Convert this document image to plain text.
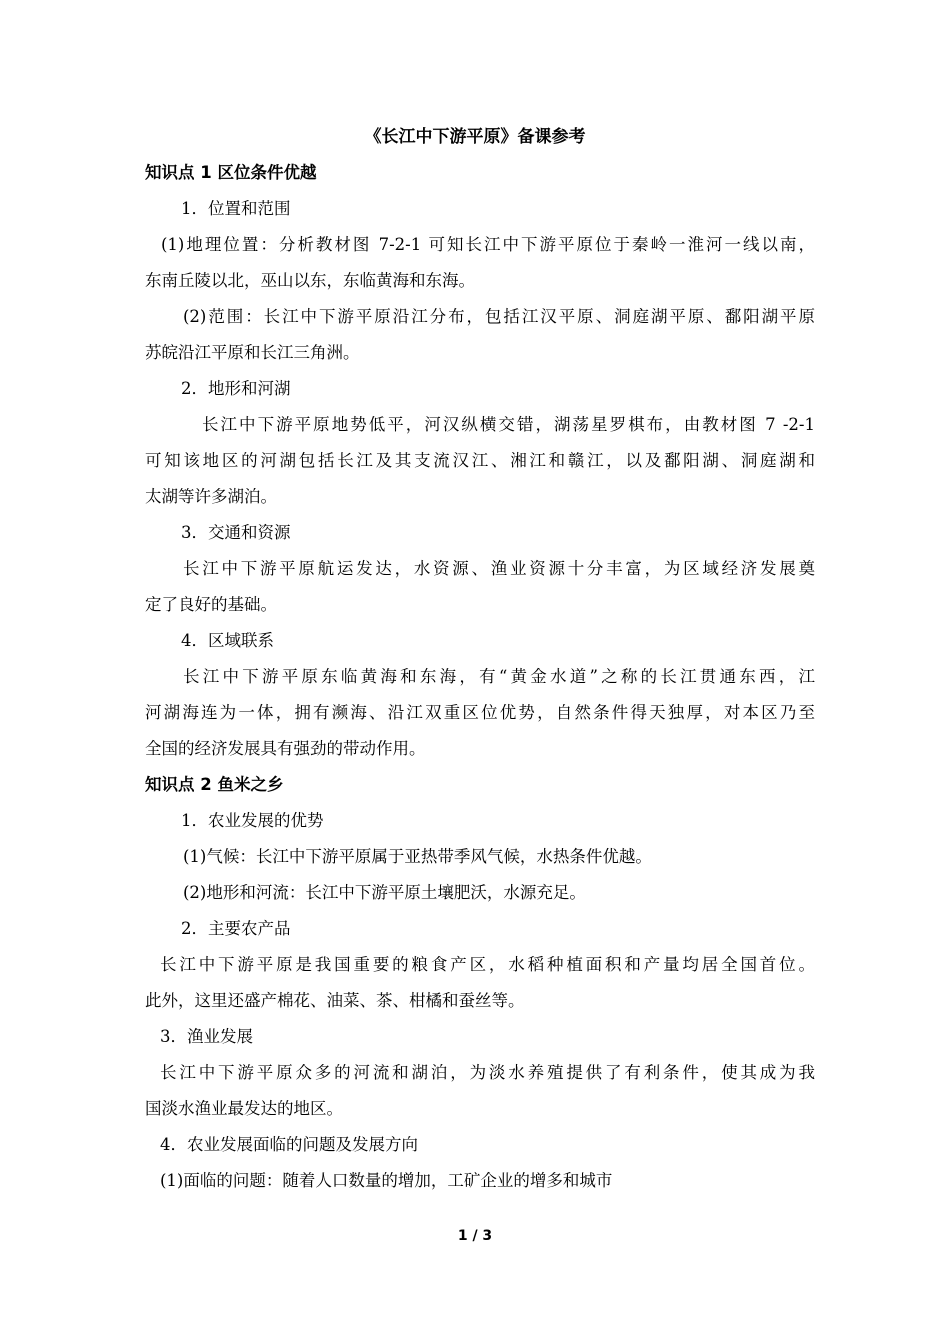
《长江中下游平原》备课参考
知识点 1 区位条件优越
1．位置和范围
(1)地理位置：分析教材图 7-2-1 可知长江中下游平原位于秦岭一淮河一线以南，
东南丘陵以北，巫山以东，东临黄海和东海。
(2)范围：长江中下游平原沿江分布，包括江汉平原、洞庭湖平原、鄱阳湖平原
苏皖沿江平原和长江三角洲。
2．地形和河湖
长江中下游平原地势低平，河汉纵横交错，湖荡星罗棋布，由教材图 7 -2-1
可知该地区的河湖包括长江及其支流汉江、湘江和赣江，以及鄱阳湖、洞庭湖和
太湖等许多湖泊。
3．交通和资源
长江中下游平原航运发达，水资源、渔业资源十分丰富，为区域经济发展奠
定了良好的基础。
4．区域联系
长江中下游平原东临黄海和东海，有“黄金水道”之称的长江贯通东西，江
河湖海连为一体，拥有濒海、沿江双重区位优势，自然条件得天独厚，对本区乃至
全国的经济发展具有强劲的带动作用。
知识点 2 鱼米之乡
1．农业发展的优势
(1)气候：长江中下游平原属于亚热带季风气候，水热条件优越。
(2)地形和河流：长江中下游平原土壤肥沃，水源充足。
2．主要农产品
长江中下游平原是我国重要的粮食产区，水稻种植面积和产量均居全国首位。
此外，这里还盛产棉花、油菜、茶、柑橘和蚕丝等。
3．渔业发展
长江中下游平原众多的河流和湖泊，为淡水养殖提供了有利条件，使其成为我
国淡水渔业最发达的地区。
4．农业发展面临的问题及发展方向
(1)面临的问题：随着人口数量的增加，工矿企业的增多和城市
1 / 3
